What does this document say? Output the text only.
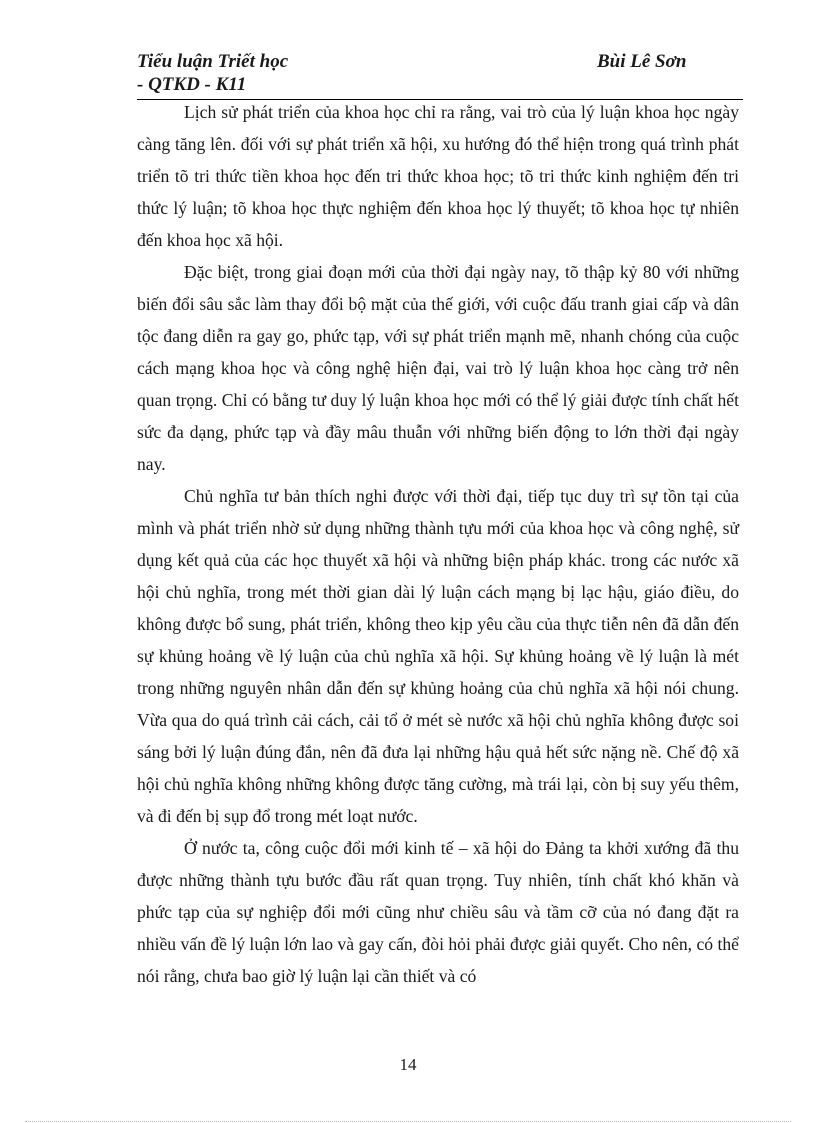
Tiểu luận Triết học
- QTKD - K11
Bùi Lê Sơn

Lịch sử phát triển của khoa học chỉ ra rằng, vai trò của lý luận khoa học ngày càng tăng lên. đối với sự phát triển xã hội, xu hướng đó thể hiện trong quá trình phát triển tõ tri thức tiền khoa học đến tri thức khoa học; tõ tri thức kinh nghiệm đến tri thức lý luận; tõ khoa học thực nghiệm đến khoa học lý thuyết; tõ khoa học tự nhiên đến khoa học xã hội.

Đặc biệt, trong giai đoạn mới của thời đại ngày nay, tõ thập kỷ 80 với những biến đổi sâu sắc làm thay đổi bộ mặt của thế giới, với cuộc đấu tranh giai cấp và dân tộc đang diễn ra gay go, phức tạp, với sự phát triển mạnh mẽ, nhanh chóng của cuộc cách mạng khoa học và công nghệ hiện đại, vai trò lý luận khoa học càng trở nên quan trọng. Chỉ có bằng tư duy lý luận khoa học mới có thể lý giải được tính chất hết sức đa dạng, phức tạp và đầy mâu thuẫn với những biến động to lớn thời đại ngày nay.

Chủ nghĩa tư bản thích nghi được với thời đại, tiếp tục duy trì sự tồn tại của mình và phát triển nhờ sử dụng những thành tựu mới của khoa học và công nghệ, sử dụng kết quả của các học thuyết xã hội và những biện pháp khác. trong các nước xã hội chủ nghĩa, trong mét thời gian dài lý luận cách mạng bị lạc hậu, giáo điều, do không được bổ sung, phát triển, không theo kịp yêu cầu của thực tiễn nên đã dẫn đến sự khủng hoảng về lý luận của chủ nghĩa xã hội. Sự khủng hoảng về lý luận là mét trong những nguyên nhân dẫn đến sự khủng hoảng của chủ nghĩa xã hội nói chung. Vừa qua do quá trình cải cách, cải tổ ở mét sè nước xã hội chủ nghĩa không được soi sáng bởi lý luận đúng đắn, nên đã đưa lại những hậu quả hết sức nặng nề. Chế độ xã hội chủ nghĩa không những không được tăng cường, mà trái lại, còn bị suy yếu thêm, và đi đến bị sụp đổ trong mét loạt nước.

Ở nước ta, công cuộc đổi mới kinh tế – xã hội do Đảng ta khởi xướng đã thu được những thành tựu bước đầu rất quan trọng. Tuy nhiên, tính chất khó khăn và phức tạp của sự nghiệp đổi mới cũng như chiều sâu và tầm cỡ của nó đang đặt ra nhiều vấn đề lý luận lớn lao và gay cấn, đòi hỏi phải được giải quyết. Cho nên, có thể nói rằng, chưa bao giờ lý luận lại cần thiết và có

14
